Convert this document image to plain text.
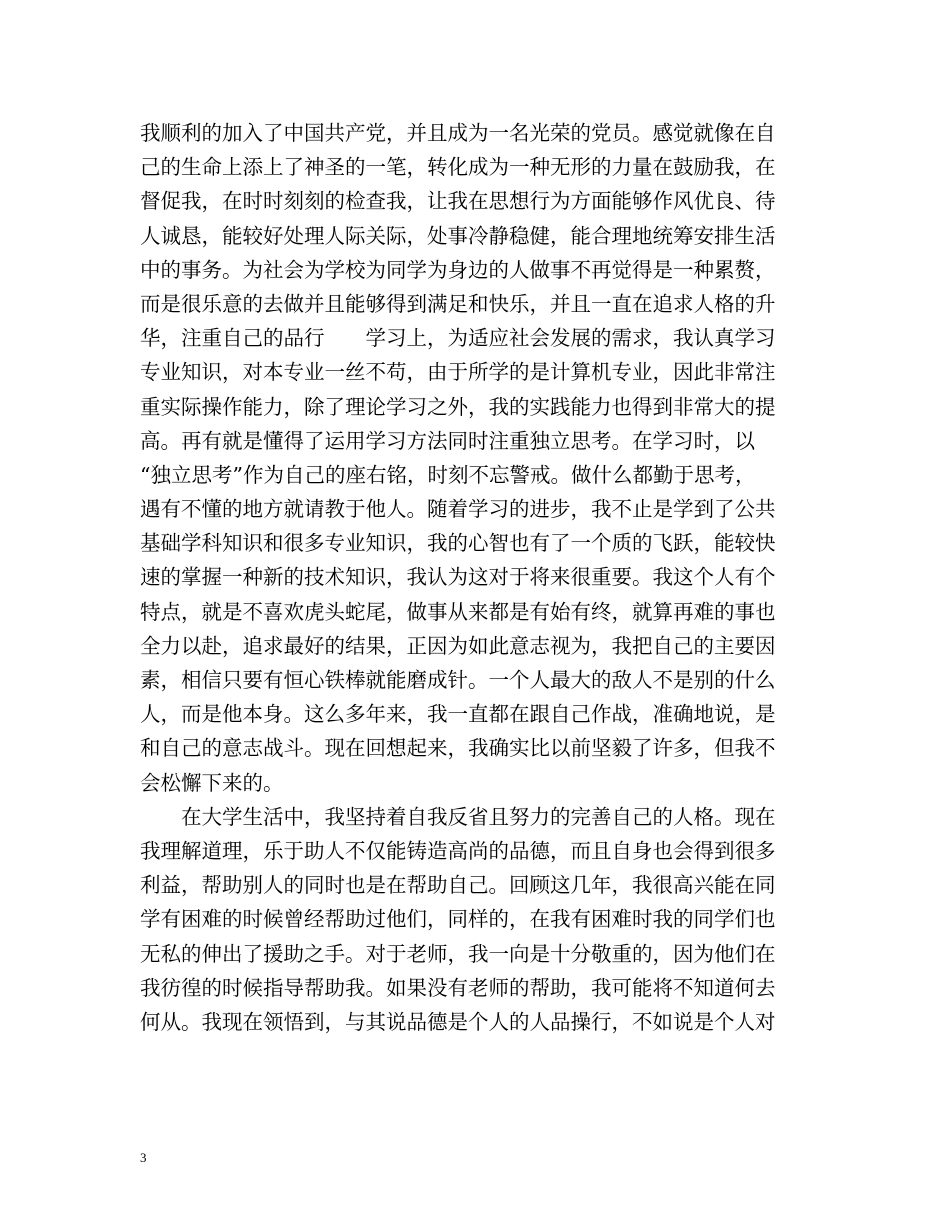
我顺利的加入了中国共产党，并且成为一名光荣的党员。感觉就像在自
己的生命上添上了神圣的一笔，转化成为一种无形的力量在鼓励我，在
督促我，在时时刻刻的检查我，让我在思想行为方面能够作风优良、待
人诚恳，能较好处理人际关际，处事冷静稳健，能合理地统筹安排生活
中的事务。为社会为学校为同学为身边的人做事不再觉得是一种累赘，
而是很乐意的去做并且能够得到满足和快乐，并且一直在追求人格的升
华，注重自己的品行　　学习上，为适应社会发展的需求，我认真学习
专业知识，对本专业一丝不苟，由于所学的是计算机专业，因此非常注
重实际操作能力，除了理论学习之外，我的实践能力也得到非常大的提
高。再有就是懂得了运用学习方法同时注重独立思考。在学习时，以
“独立思考”作为自己的座右铭，时刻不忘警戒。做什么都勤于思考，
遇有不懂的地方就请教于他人。随着学习的进步，我不止是学到了公共
基础学科知识和很多专业知识，我的心智也有了一个质的飞跃，能较快
速的掌握一种新的技术知识，我认为这对于将来很重要。我这个人有个
特点，就是不喜欢虎头蛇尾，做事从来都是有始有终，就算再难的事也
全力以赴，追求最好的结果，正因为如此意志视为，我把自己的主要因
素，相信只要有恒心铁棒就能磨成针。一个人最大的敌人不是别的什么
人，而是他本身。这么多年来，我一直都在跟自己作战，准确地说，是
和自己的意志战斗。现在回想起来，我确实比以前坚毅了许多，但我不
会松懈下来的。
　　在大学生活中，我坚持着自我反省且努力的完善自己的人格。现在
我理解道理，乐于助人不仅能铸造高尚的品德，而且自身也会得到很多
利益，帮助别人的同时也是在帮助自己。回顾这几年，我很高兴能在同
学有困难的时候曾经帮助过他们，同样的，在我有困难时我的同学们也
无私的伸出了援助之手。对于老师，我一向是十分敬重的，因为他们在
我彷徨的时候指导帮助我。如果没有老师的帮助，我可能将不知道何去
何从。我现在领悟到，与其说品德是个人的人品操行，不如说是个人对
3
